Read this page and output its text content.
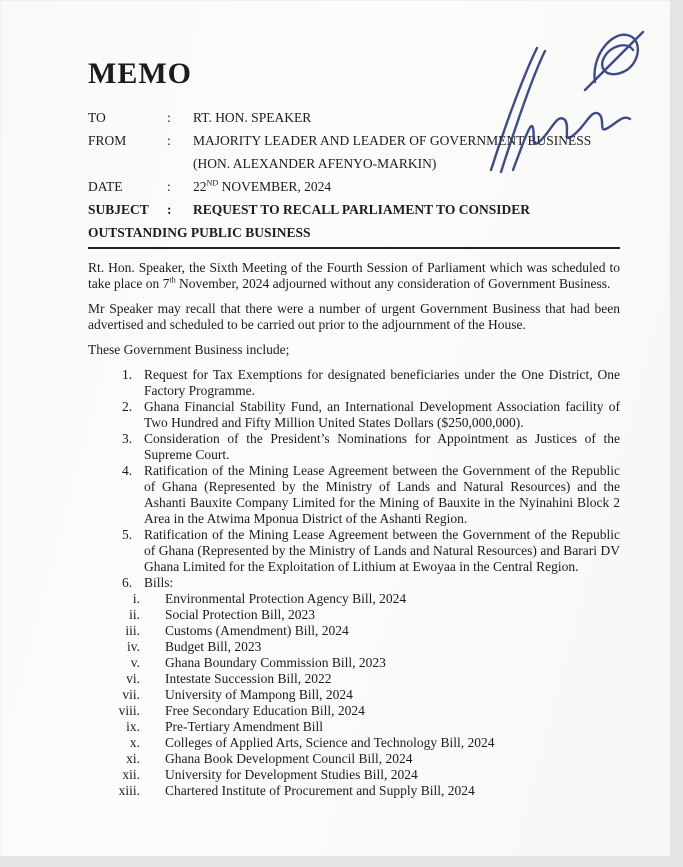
MEMO
TO	:	RT. HON. SPEAKER
FROM	:	MAJORITY LEADER AND LEADER OF GOVERNMENT BUSINESS
(HON. ALEXANDER AFENYO-MARKIN)
DATE	:	22ND NOVEMBER, 2024
SUBJECT	:	REQUEST TO RECALL PARLIAMENT TO CONSIDER
OUTSTANDING PUBLIC BUSINESS

Rt. Hon. Speaker, the Sixth Meeting of the Fourth Session of Parliament which was scheduled to take place on 7th November, 2024 adjourned without any consideration of Government Business.

Mr Speaker may recall that there were a number of urgent Government Business that had been advertised and scheduled to be carried out prior to the adjournment of the House.

These Government Business include;

1. Request for Tax Exemptions for designated beneficiaries under the One District, One Factory Programme.
2. Ghana Financial Stability Fund, an International Development Association facility of Two Hundred and Fifty Million United States Dollars ($250,000,000).
3. Consideration of the President’s Nominations for Appointment as Justices of the Supreme Court.
4. Ratification of the Mining Lease Agreement between the Government of the Republic of Ghana (Represented by the Ministry of Lands and Natural Resources) and the Ashanti Bauxite Company Limited for the Mining of Bauxite in the Nyinahini Block 2 Area in the Atwima Mponua District of the Ashanti Region.
5. Ratification of the Mining Lease Agreement between the Government of the Republic of Ghana (Represented by the Ministry of Lands and Natural Resources) and Barari DV Ghana Limited for the Exploitation of Lithium at Ewoyaa in the Central Region.
6. Bills:
i. Environmental Protection Agency Bill, 2024
ii. Social Protection Bill, 2023
iii. Customs (Amendment) Bill, 2024
iv. Budget Bill, 2023
v. Ghana Boundary Commission Bill, 2023
vi. Intestate Succession Bill, 2022
vii. University of Mampong Bill, 2024
viii. Free Secondary Education Bill, 2024
ix. Pre-Tertiary Amendment Bill
x. Colleges of Applied Arts, Science and Technology Bill, 2024
xi. Ghana Book Development Council Bill, 2024
xii. University for Development Studies Bill, 2024
xiii. Chartered Institute of Procurement and Supply Bill, 2024
